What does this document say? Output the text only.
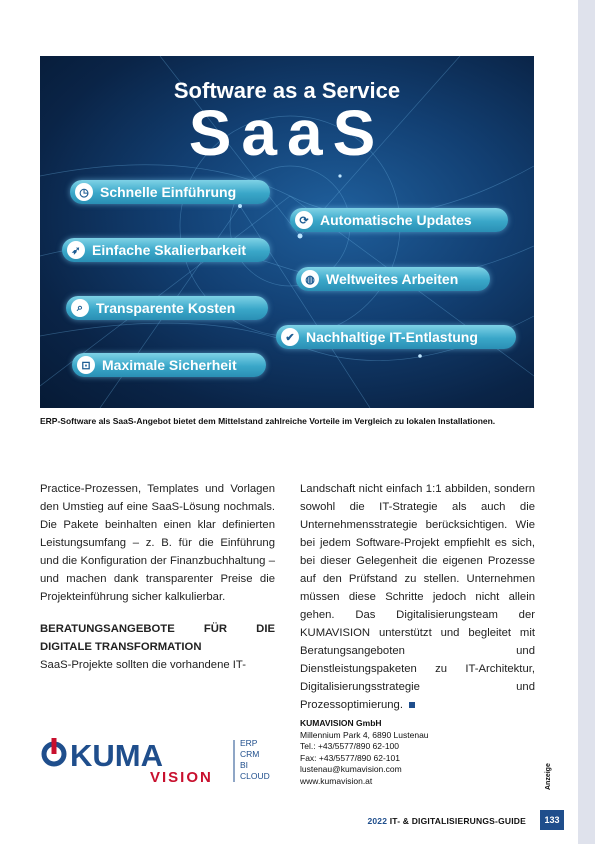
Software as a Service
SaaS
◷ Schnelle Einführung
⟳ Automatische Updates
➶ Einfache Skalierbarkeit
◍ Weltweites Arbeiten
⌕ Transparente Kosten
✔ Nachhaltige IT-Entlastung
⊡ Maximale Sicherheit
ERP-Software als SaaS-Angebot bietet dem Mittelstand zahlreiche Vorteile im Vergleich zu lokalen Installationen.

Practice-Prozessen, Templates und Vorlagen den Umstieg auf eine SaaS-Lösung nochmals. Die Pakete beinhalten einen klar definierten Leistungsumfang – z. B. für die Einführung und die Konfiguration der Finanzbuchhaltung – und machen dank transparenter Preise die Projekteinführung sicher kalkulierbar.

BERATUNGSANGEBOTE FÜR DIE DIGITALE TRANSFORMATION

SaaS-Projekte sollten die vorhandene IT-

Landschaft nicht einfach 1:1 abbilden, sondern sowohl die IT-Strategie als auch die Unternehmensstrategie berücksichtigen. Wie bei jedem Software-Projekt empfiehlt es sich, bei dieser Gelegenheit die eigenen Prozesse auf den Prüfstand zu stellen. Unternehmen müssen diese Schritte jedoch nicht allein gehen. Das Digitalisierungsteam der KUMAVISION unterstützt und begleitet mit Beratungsangeboten und Dienstleistungspaketen zu IT-Architektur, Digitalisierungsstrategie und Prozessoptimierung.

KUMA
VISION
ERP
CRM
BI
CLOUD
KUMAVISION GmbH
Millennium Park 4, 6890 Lustenau
Tel.: +43/5577/890 62-100
Fax: +43/5577/890 62-101
lustenau@kumavision.com
www.kumavision.at	Anzeige
2022 IT- & DIGITALISIERUNGS-GUIDE	133
